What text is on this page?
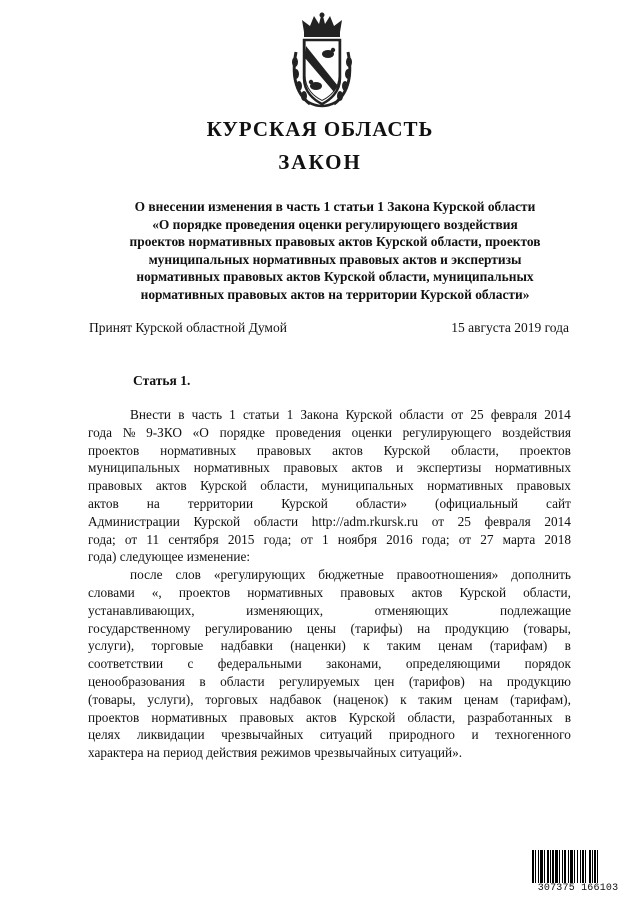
КУРСКАЯ ОБЛАСТЬ
ЗАКОН
О внесении изменения в часть 1 статьи 1 Закона Курской области
«О порядке проведения оценки регулирующего воздействия
проектов нормативных правовых актов Курской области, проектов
муниципальных нормативных правовых актов и экспертизы
нормативных правовых актов Курской области, муниципальных
нормативных правовых актов на территории Курской области»
Принят Курской областной Думой	15 августа 2019 года
Статья 1.
Внести в часть 1 статьи 1 Закона Курской области от 25 февраля 2014
года № 9-ЗКО «О порядке проведения оценки регулирующего воздействия
проектов нормативных правовых актов Курской области, проектов
муниципальных нормативных правовых актов и экспертизы нормативных
правовых актов Курской области, муниципальных нормативных правовых
актов на территории Курской области» (официальный сайт
Администрации Курской области http://adm.rkursk.ru от 25 февраля 2014
года; от 11 сентября 2015 года; от 1 ноября 2016 года; от 27 марта 2018
года) следующее изменение:
после слов «регулирующих бюджетные правоотношения» дополнить
словами «, проектов нормативных правовых актов Курской области,
устанавливающих,	изменяющих,	отменяющих	подлежащие
государственному регулированию цены (тарифы) на продукцию (товары,
услуги), торговые надбавки (наценки) к таким ценам (тарифам) в
соответствии с федеральными законами, определяющими порядок
ценообразования в области регулируемых цен (тарифов) на продукцию
(товары, услуги), торговых надбавок (наценок) к таким ценам (тарифам),
проектов нормативных правовых актов Курской области, разработанных в
целях ликвидации чрезвычайных ситуаций природного и техногенного
характера на период действия режимов чрезвычайных ситуаций».
307375 166103
